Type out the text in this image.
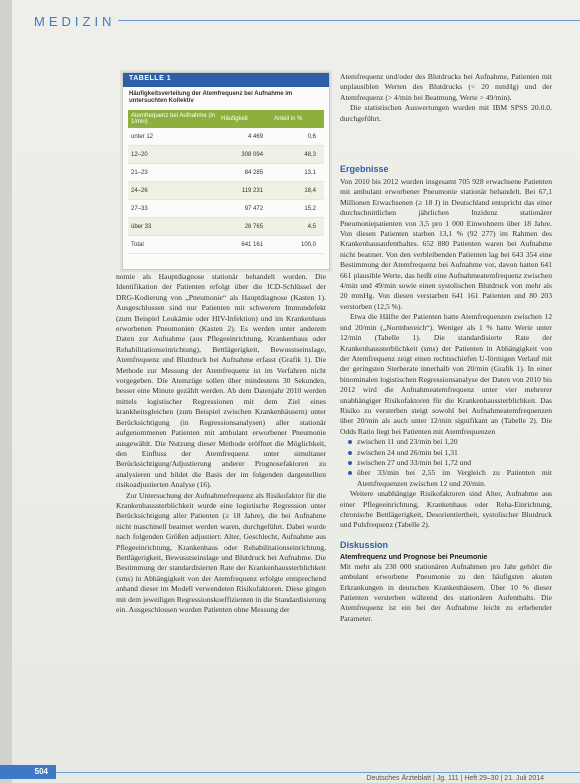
MEDIZIN
TABELLE 1
Häufigkeitsverteilung der Atemfrequenz bei Aufnahme im untersuchten Kollektiv
Atemfrequenz bei Aufnahme (in 1/min)	Häufigkeit	Anteil in %
unter 12	4 469	0,6
12–20	308 094	48,3
21–23	84 285	13,1
24–26	119 231	18,4
27–33	97 472	15,2
über 33	28 765	4,5
Total	641 161	100,0

nomie als Hauptdiagnose stationär behandelt wurden. Die Identifikation der Patienten erfolgt über die ICD-Schlüssel der DRG-Kodierung von „Pneumonie“ als Hauptdiagnose (Kasten 1). Ausgeschlossen sind nur Patienten mit schwerem Immundefekt (zum Beispiel Leukämie oder HIV-Infektion) und im Krankenhaus erworbenen Pneumonien (Kasten 2). Es werden unter anderem Daten zur Aufnahme (aus Pflegeeinrichtung, Krankenhaus oder Rehabilitationseinrichtung), Bettlägerigkeit, Bewusstseinslage, Atemfrequenz und Blutdruck bei Aufnahme erfasst (Grafik 1). Die Methode zur Messung der Atemfrequenz ist im Verfahren nicht vorgegeben. Die Atemzüge sollen über mindestens 30 Sekunden, besser eine Minute gezählt werden. Ab dem Datenjahr 2010 werden mittels logistischer Regressionen mit dem Ziel eines krankheitsgleichen (zum Beispiel zwischen Krankenhäusern) unter Berücksichtigung (in Regressionsanalysen) aller stationär aufgenommenen Patienten mit ambulant erworbener Pneumonie ausgewählt. Die Nutzung dieser Methode eröffnet die Möglichkeit, den Einfluss der Atemfrequenz unter simultaner Berücksichtigung/Adjustierung anderer Prognosefaktoren zu analysieren und bildet die Basis der im folgenden dargestellten risikoadjustierten Analyse (16).

Zur Untersuchung der Aufnahmefrequenz als Risikofaktor für die Krankenhaussterblichkeit wurde eine logistische Regression unter Berücksichtigung aller Patienten (≥ 18 Jahre), die bei Aufnahme nicht maschinell beatmet werden waren, durchgeführt. Dabei wurde nach folgenden Größen adjustiert: Alter, Geschlecht, Aufnahme aus Pflegeeinrichtung, Krankenhaus oder Rehabilitationseinrichtung, Bettlägerigkeit, Bewusstseinslage und Blutdruck bei Aufnahme. Die Bestimmung der standardisierten Rate der Krankenhaussterblichkeit (sms) in Abhängigkeit von der Atemfrequenz erfolgte entsprechend anhand dieser im Modell verwendeten Risikofaktoren. Diese gingen mit dem jeweiligen Regressionskoeffizienten in die Standardisierung ein. Ausgeschlossen wurden Patienten ohne Messung der

Atemfrequenz und/oder des Blutdrucks bei Aufnahme, Patienten mit unplausiblen Werten des Blutdrucks (< 20 mmHg) und der Atemfrequenz (> 4/min bei Beatmung, Werte > 49/min).

Die statistischen Auswertungen wurden mit IBM SPSS 20.0.0. durchgeführt.

Ergebnisse

Von 2010 bis 2012 wurden insgesamt 705 928 erwachsene Patienten mit ambulant erworbener Pneumonie stationär behandelt. Bei 67,1 Millionen Erwachsenen (≥ 18 J) in Deutschland entspricht das einer durchschnittlichen jährlichen Inzidenz stationärer Pneumoniepatienten von 3,5 pro 1 000 Einwohnern über 18 Jahre. Von diesen Patienten starben 13,1 % (92 277) im Rahmen des Krankenhausaufenthaltes. 652 880 Patienten waren bei Aufnahme nicht beatmet. Von den verbleibenden Patienten lag bei 643 354 eine Bestimmung der Atemfrequenz bei Aufnahme vor, davon hatten 641 661 plausible Werte, das heißt eine Aufnahmeatemfrequenz zwischen 4/min und 49/min sowie einen systolischen Blutdruck von mehr als 20 mmHg. Von diesen verstarben 641 161 Patienten und 80 203 verstorben (12,5 %).

Etwa die Hälfte der Patienten hatte Atemfrequenzen zwischen 12 und 20/min („Normbereich“). Weniger als 1 % hatte Werte unter 12/min (Tabelle 1). Die standardisierte Rate der Krankenhaussterblichkeit (sms) der Patienten in Abhängigkeit von der Atemfrequenz zeigt einen rechtsschiefen U-förmigen Verlauf mit der geringsten Sterberate innerhalb von 20/min (Grafik 1). In einer binominalen logistischen Regressionsanalyse der Daten von 2010 bis 2012 wird die Aufnahmeatemfrequenz unter vier mehrerer unabhängiger Risikofaktoren für die Krankenhaussterblichkeit. Das Risiko zu versterben steigt sowohl bei Aufnahmeatemfrequenzen über 20/min als auch unter 12/min signifikant an (Tabelle 2). Die Odds Ratio liegt bei Patienten mit Atemfrequenzen

zwischen 11 und 23/min bei 1,20
zwischen 24 und 26/min bei 1,31
zwischen 27 und 33/min bei 1,72 und
über 33/min bei 2,55 im Vergleich zu Patienten mit Atemfrequenzen zwischen 12 und 20/min.

Weitere unabhängige Risikofaktoren sind Alter, Aufnahme aus einer Pflegeeinrichtung, Krankenhaus oder Reha-Einrichtung, chronische Bettlägerigkeit, Desorientiertheit, systolischer Blutdruck und Pulsfrequenz (Tabelle 2).

Diskussion
Atemfrequenz und Prognose bei Pneumonie

Mit mehr als 230 000 stationären Aufnahmen pro Jahr gehört die ambulant erworbene Pneumonie zu den häufigsten akuten Erkrankungen in deutschen Krankenhäusern. Über 10 % dieser Patienten versterben während des stationären Aufenthalts. Die Atemfrequenz ist ein bei der Aufnahme leicht zu erhebender Parameter.

504
Deutsches Ärzteblatt | Jg. 111 | Heft 29–30 | 21. Juli 2014
